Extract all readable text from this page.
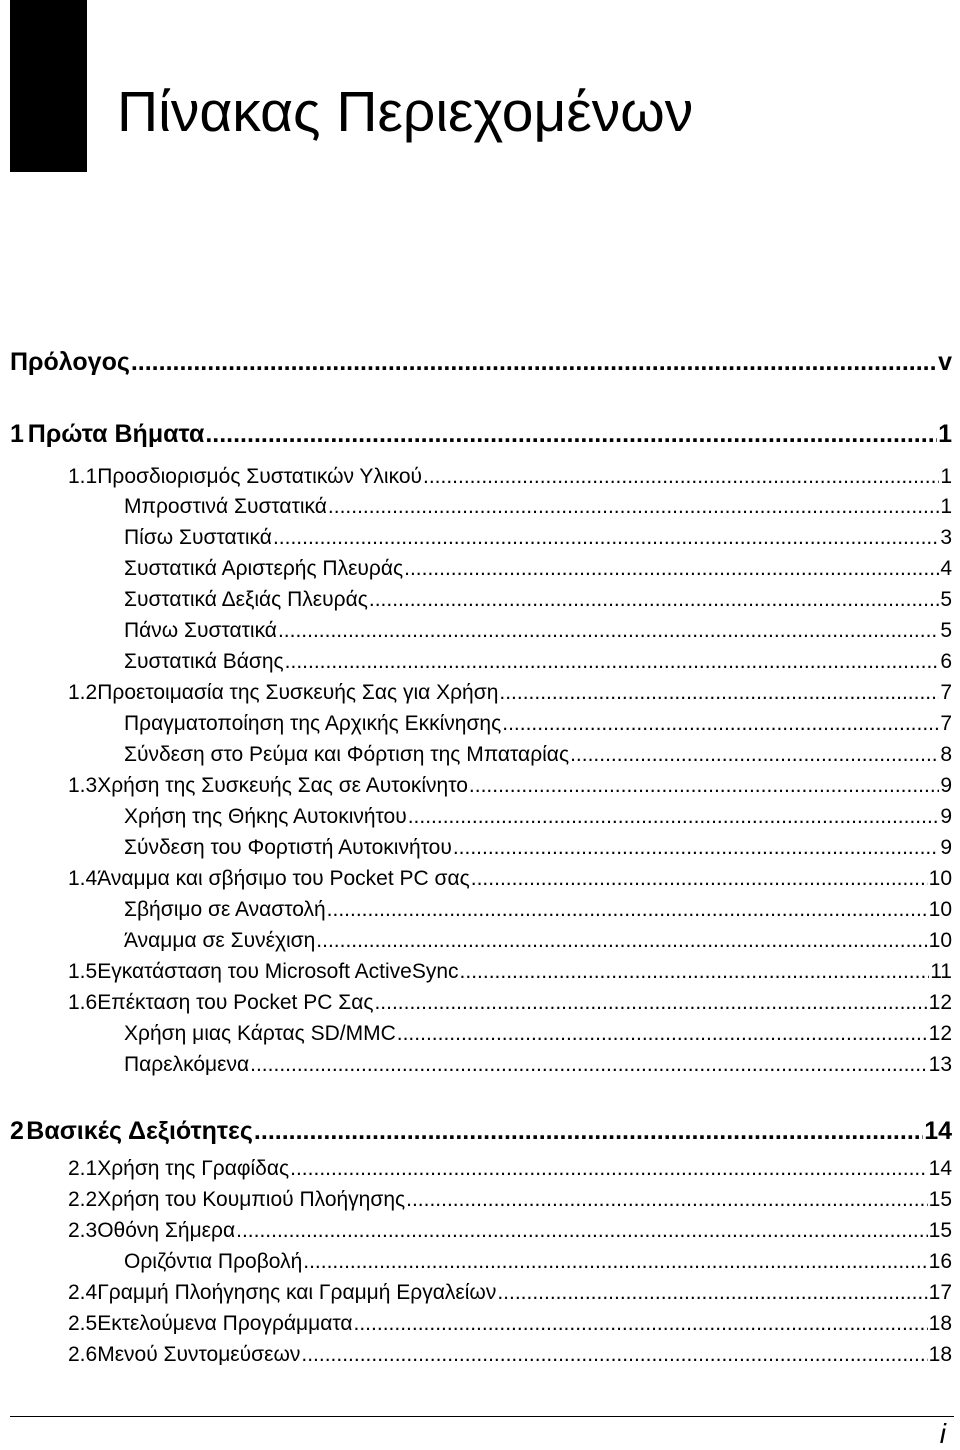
Πίνακας Περιεχομένων
Πρόλογος .....	v
1 Πρώτα Βήματα .....	1
1.1 Προσδιορισμός Συστατικών Υλικού .....	1
Μπροστινά Συστατικά .....	1
Πίσω Συστατικά .....	3
Συστατικά Αριστερής Πλευράς .....	4
Συστατικά Δεξιάς Πλευράς .....	5
Πάνω Συστατικά .....	5
Συστατικά Βάσης .....	6
1.2 Προετοιμασία της Συσκευής Σας για Χρήση .....	7
Πραγματοποίηση της Αρχικής Εκκίνησης .....	7
Σύνδεση στο Ρεύμα και Φόρτιση της Μπαταρίας .....	8
1.3 Χρήση της Συσκευής Σας σε Αυτοκίνητο .....	9
Χρήση της Θήκης Αυτοκινήτου .....	9
Σύνδεση του Φορτιστή Αυτοκινήτου .....	9
1.4 Άναμμα και σβήσιμο του Pocket PC σας .....	10
Σβήσιμο σε Αναστολή .....	10
Άναμμα σε Συνέχιση .....	10
1.5 Εγκατάσταση του Microsoft ActiveSync .....	11
1.6 Επέκταση του Pocket PC Σας .....	12
Χρήση μιας Κάρτας SD/MMC .....	12
Παρελκόμενα .....	13
2 Βασικές Δεξιότητες .....	14
2.1 Χρήση της Γραφίδας .....	14
2.2 Χρήση του Κουμπιού Πλοήγησης .....	15
2.3 Οθόνη Σήμερα .....	15
Οριζόντια Προβολή .....	16
2.4 Γραμμή Πλοήγησης και Γραμμή Εργαλείων .....	17
2.5 Εκτελούμενα Προγράμματα .....	18
2.6 Μενού Συντομεύσεων .....	18
i
